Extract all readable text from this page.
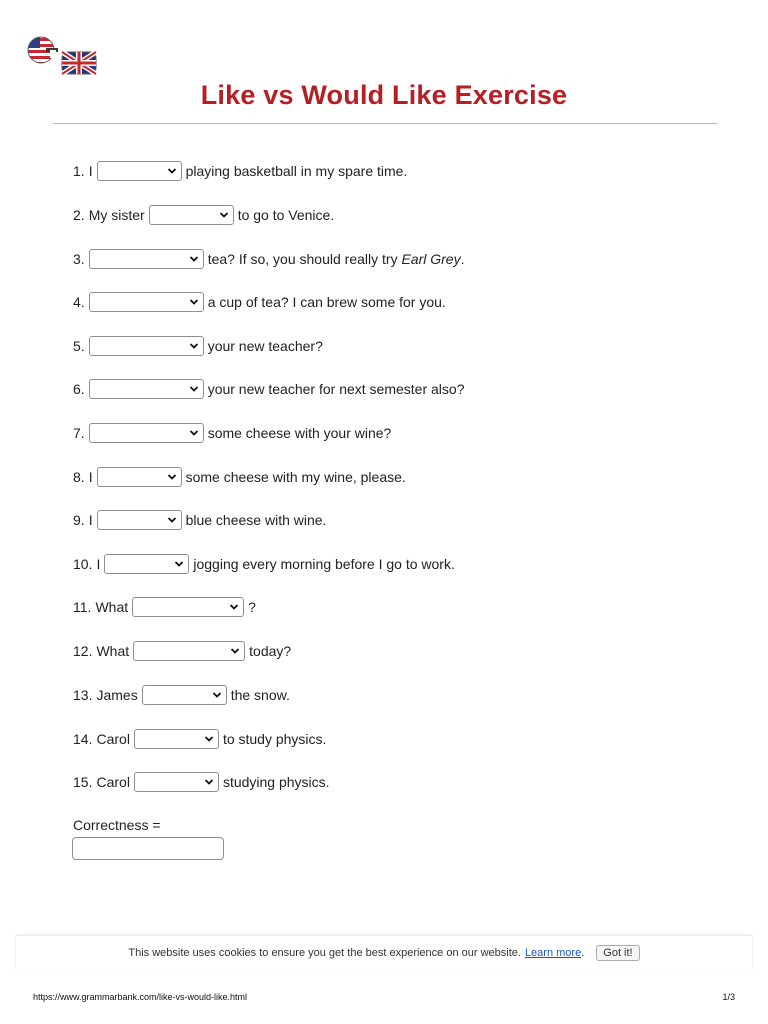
Like vs Would Like Exercise
1. I	playing basketball in my spare time.
2. My sister	to go to Venice.
3.	tea? If so, you should really try Earl Grey.
4.	a cup of tea? I can brew some for you.
5.	your new teacher?
6.	your new teacher for next semester also?
7.	some cheese with your wine?
8. I	some cheese with my wine, please.
9. I	blue cheese with wine.
10. I	jogging every morning before I go to work.
11. What	?
12. What	today?
13. James	the snow.
14. Carol	to study physics.
15. Carol	studying physics.
Correctness =
This website uses cookies to ensure you get the best experience on our website. Learn more .	Got it!
https://www.grammarbank.com/like-vs-would-like.html	1/3
